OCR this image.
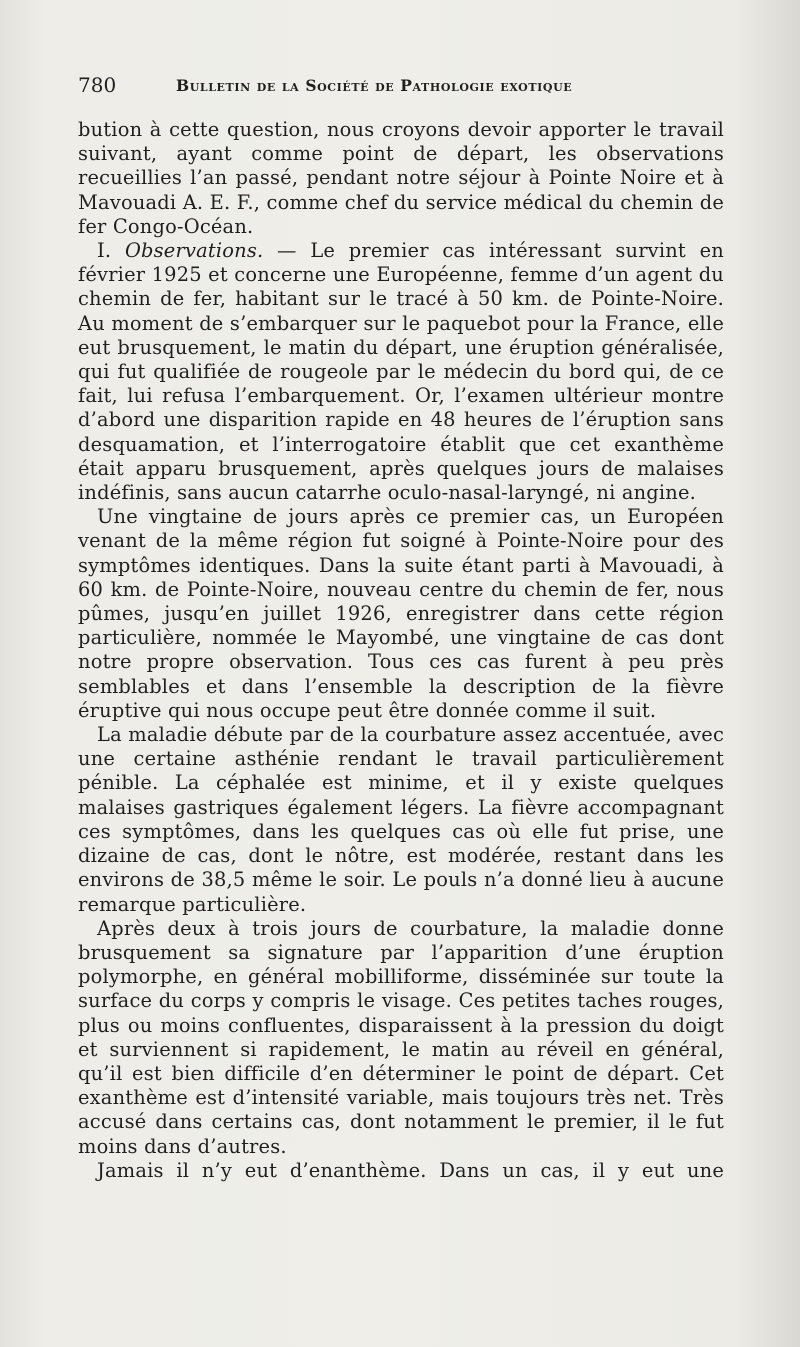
780	Bulletin de la Société de Pathologie exotique

bution à cette question, nous croyons devoir apporter le travail suivant, ayant comme point de départ, les observations recueillies l’an passé, pendant notre séjour à Pointe Noire et à Mavouadi A. E. F., comme chef du service médical du chemin de fer Congo-Océan.

I. Observations. — Le premier cas intéressant survint en février 1925 et concerne une Européenne, femme d’un agent du chemin de fer, habitant sur le tracé à 50 km. de Pointe-Noire. Au moment de s’embarquer sur le paquebot pour la France, elle eut brusquement, le matin du départ, une éruption généralisée, qui fut qualifiée de rougeole par le médecin du bord qui, de ce fait, lui refusa l’embarquement. Or, l’examen ultérieur montre d’abord une disparition rapide en 48 heures de l’éruption sans desquamation, et l’interrogatoire établit que cet exanthème était apparu brusquement, après quelques jours de malaises indéfinis, sans aucun catarrhe oculo-nasal-laryngé, ni angine.

Une vingtaine de jours après ce premier cas, un Européen venant de la même région fut soigné à Pointe-Noire pour des symptômes identiques. Dans la suite étant parti à Mavouadi, à 60 km. de Pointe-Noire, nouveau centre du chemin de fer, nous pûmes, jusqu’en juillet 1926, enregistrer dans cette région particulière, nommée le Mayombé, une vingtaine de cas dont notre propre observation. Tous ces cas furent à peu près semblables et dans l’ensemble la description de la fièvre éruptive qui nous occupe peut être donnée comme il suit.

La maladie débute par de la courbature assez accentuée, avec une certaine asthénie rendant le travail particulièrement pénible. La céphalée est minime, et il y existe quelques malaises gastriques également légers. La fièvre accompagnant ces symptômes, dans les quelques cas où elle fut prise, une dizaine de cas, dont le nôtre, est modérée, restant dans les environs de 38,5 même le soir. Le pouls n’a donné lieu à aucune remarque particulière.

Après deux à trois jours de courbature, la maladie donne brusquement sa signature par l’apparition d’une éruption polymorphe, en général mobilliforme, disséminée sur toute la surface du corps y compris le visage. Ces petites taches rouges, plus ou moins confluentes, disparaissent à la pression du doigt et surviennent si rapidement, le matin au réveil en général, qu’il est bien difficile d’en déterminer le point de départ. Cet exanthème est d’intensité variable, mais toujours très net. Très accusé dans certains cas, dont notamment le premier, il le fut moins dans d’autres.

Jamais il n’y eut d’enanthème. Dans un cas, il y eut une
